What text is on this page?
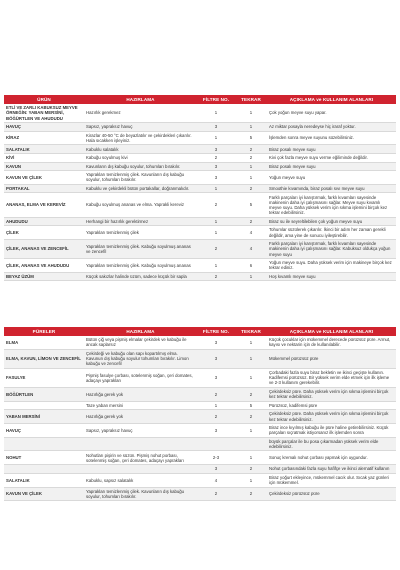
ÜRÜN	HAZIRLAMA	FİLTRE NO.	TEKRAR	AÇIKLAMA ve KULLANIM ALANLARI
ETLİ VE ZARLI KABUKSUZ MEYVE ÖRNEĞİN: YABAN MERSİNİ, BÖĞÜRTLEN VE AHUDUDU	Hazırlık gerekmez	1	1	Çok yoğun meyve suyu yapar.
HAVUÇ	Sapsız, yapraksız havuç	3	1	Az miktar posayla neredeyse hiç iraraf yoktur.
KİRAZ	Kirazlar 40-50 °C de beyazlatılır ve çekirdekleri çıkarılır. Hala sıcakken işleyiniz.	1	5	İşlemden sonra meyve suyunu süzebilirsiniz.
SALATALIK	Kabuklu salatalık	3	2	Biraz posalı meyve suyu
KİVİ	Kabuğu soyulmuş kivi	2	2	Kivi çok fazla meyve suyu verme eğiliminde değildir.
KAVUN	Kavunların dış kabuğu soyulur, tohumları bırakılır.	3	1	Biraz posalı meyve suyu
KAVUN VE ÇİLEK	Yaprakları temizlenmiş çilek. Kavunların dış kabuğu soyulur, tohumları bırakılır.	3	1	Yoğun meyve suyu
PORTAKAL	Kabuklu ve çekirdekli bütün portakallar, doğranmalıdır.	1	2	Smoothie kıvamında, biraz posalı sıvı meyve suyu
ANANAS, ELMA VE KEREVİZ	Kabuğu soyulmuş ananas ve elma. Yaprakli kereviz	2	5	Farklı parçaları iyi karıştırmak, farklı kıvamları sayesinde makinenin daha iyi çalışmasını sağlar. Meyve suyu kıvamlı meyve suyu. Daha yüksek verim için sıkma işlemini birçok kez tekrar edebilirsiniz.
AHUDUDU	Herhangi bir hazırlık gerektirmez	1	2	Biraz su ile seyreltilebilen çok yoğun meyve suyu
ÇİLEK	Yaprakları temizlenmiş çilek	1	4	Tohumlar süzülerek çıkarılır. İkinci bir adım her zaman gerekli değildir, ama yine de sonucu iyileştirebilir.
ÇİLEK, ANANAS VE ZENCEFİL	Yaprakları temizlenmiş çilek. Kabuğu soyulmuş ananas ve zencefil	2	4	Farklı parçaları iyi karıştırmak, farklı kıvamları sayesinde makinenin daha iyi çalışmasını sağlar. Kabuksuz oldukça yoğun meyve suyu
ÇİLEK, ANANAS VE AHUDUDU	Yaprakları temizlenmiş çilek. Kabuğu soyulmuş ananas	1	6	Yoğun meyve suyu. Daha yüksek verim için makineye birçok kez tekrar ediniz.
BEYAZ ÜZÜM	Küçük sakızlar halinde üzüm, sadece küçük bir sapla	2	1	Hoş kıvamlı meyve suyu
PÜRELER	HAZIRLAMA	FİLTRE NO.	TEKRAR	AÇIKLAMA ve KULLANIM ALANLARI
ELMA	Bütün çiğ veya pişmiş elmalar çekirdek ve kabuğu ile ancak saplarsız	3	1	Küçük çocuklar için mükemmel derecede pürüzsüz püre. Armut, kayısı ve nektarin için de kullanılabilir.
ELMA, KAVUN, LİMON VE ZENCEFİL	Çekirdeği ve kabuğu olan sapı kopartılmış elma. Kavunun dış kabuğu soyulur tohumları bırakılır. Limon kabuğu ve zencefil	3	1	Mükemmel pürüzsüz püre
FASULYE	Pişmiş fasulye çorbası, sotelenmiş soğan, çeri domates, adaçayı yaprakları	3	1	Çorbadaki fazla suyu biraz bekletin ve ikinci geçişte kullanın. Kadifemsi pürüzsüz. Bir yüksek verim elde etmek için ilk işleme ve 2-3 kullanım gerekebilir.
BÖĞÜRTLEN	Hazırlığa gerek yok	2	2	Çekirdeksiz püre. Daha yüksek verim için sıkma işlemini birçok kez tekrar edebilirsiniz.
	Taze yaban mersini	1	5	Pürüzsüz, kadifemsi püre
YABAN MERSİNİ	Hazırlığa gerek yok	2	2	Çekirdeksiz püre. Daha yüksek verim için sıkma işlemini birçok kez tekrar edebilirsiniz.
HAVUÇ	Sapsız, yapraksız havuç	3	1	Biraz ince kıyılmış kabuğu ile püre haline getirebilirsiniz. Küçük parçaları sıçratmak istiyorsanız ilk işlemden sonra
				büyük parçalar ile bu posa çıkarmadan yüksek verim elde edebilirsiniz.
NOHUT	Nohutları pişirin ve süzün. Pişmiş nohut porbası, sotelenmiş soğan, çeri domates, adaçayı yaprakları	2-3	1	Sonuç kremalı nohut çorbası yapmak için uygundur.
		3	2	Nohut çorbasındaki fazla suyu hafifçe ve ikinci alernatif kullanın
SALATALIK	Kabuklu, sapsız salatalık	4	1	Biraz yoğurt ekleyince, mükemmel cacık olur. Sıcak yaz günleri için mükemmel.
KAVUN VE ÇİLEK	Yaprakları temizlenmiş çilek. Kavunların dış kabuğu soyulur, tohumları bırakılır.	2	2	Çekirdeksiz pürüzsüz püre
